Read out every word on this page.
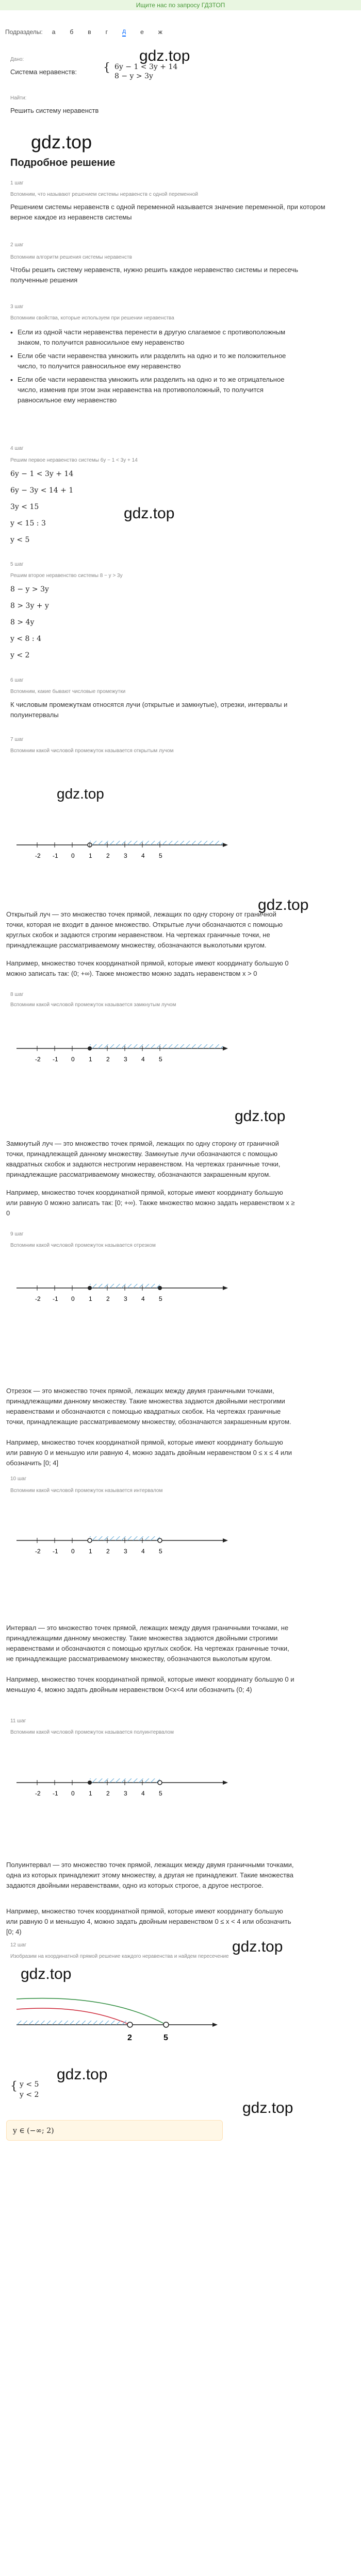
Ищите нас по запросу ГДЗТОП
Подразделы: а б в г д е ж
gdz.top
Дано:
Система неравенств: { 6y − 1 < 3y + 14
8 − y > 3y
Найти:
Решить систему неравенств
gdz.top
Подробное решение
1 шаг
Вспомним, что называют решением системы неравенств с одной переменной
Решением системы неравенств с одной переменной называется значение переменной, при котором верное каждое из неравенств системы
2 шаг
Вспомним алгоритм решения системы неравенств
Чтобы решить систему неравенств, нужно решить каждое неравенство системы и пересечь полученные решения
3 шаг
Вспомним свойства, которые используем при решении неравенства
• Если из одной части неравенства перенести в другую слагаемое с противоположным знаком, то получится равносильное ему неравенство
• Если обе части неравенства умножить или разделить на одно и то же положительное число, то получится равносильное ему неравенство
• Если обе части неравенства умножить или разделить на одно и то же отрицательное число, изменив при этом знак неравенства на противоположный, то получится равносильное ему неравенство
4 шаг
Решим первое неравенство системы 6y − 1 < 3y + 14
6y − 1 < 3y + 14
6y − 3y < 14 + 1
3y < 15
y < 15 : 3
y < 5
gdz.top
5 шаг
Решим второе неравенство системы 8 − y > 3y
8 − y > 3y
8 > 3y + y
8 > 4y
y < 8 : 4
y < 2
6 шаг
Вспомним, какие бывают числовые промежутки
К числовым промежуткам относятся лучи (открытые и замкнутые), отрезки, интервалы и полуинтервалы
7 шаг
Вспомним какой числовой промежуток называется открытым лучом
gdz.top
-2 -1 0 1 2 3 4 5
Открытый луч — это множество точек прямой, лежащих по одну сторону от граничной точки, которая не входит в данное множество. Открытые лучи обозначаются с помощью круглых скобок и задаются строгим неравенством. На чертежах граничные точки, не принадлежащие рассматриваемому множеству, обозначаются выколотыми кругом.
Например, множество точек координатной прямой, которые имеют координату большую 0 можно записать так: (0; +∞). Также множество можно задать неравенством x > 0
gdz.top
8 шаг
Вспомним какой числовой промежуток называется замкнутым лучом
-2 -1 0 1 2 3 4 5
gdz.top
Замкнутый луч — это множество точек прямой, лежащих по одну сторону от граничной точки, принадлежащей данному множеству. Замкнутые лучи обозначаются с помощью квадратных скобок и задаются нестрогим неравенством. На чертежах граничные точки, принадлежащие рассматриваемому множеству, обозначаются закрашенным кругом.
Например, множество точек координатной прямой, которые имеют координату большую или равную 0 можно записать так: [0; +∞). Также множество можно задать неравенством x ≥ 0
9 шаг
Вспомним какой числовой промежуток называется отрезком
-2 -1 0 1 2 3 4 5
Отрезок — это множество точек прямой, лежащих между двумя граничными точками, принадлежащими данному множеству. Такие множества задаются двойными нестрогими неравенствами и обозначаются с помощью квадратных скобок. На чертежах граничные точки, принадлежащие рассматриваемому множеству, обозначаются закрашенным кругом.
Например, множество точек координатной прямой, которые имеют координату большую или равную 0 и меньшую или равную 4, можно задать двойным неравенством 0 ≤ x ≤ 4 или обозначить [0; 4]
10 шаг
Вспомним какой числовой промежуток называется интервалом
-2 -1 0 1 2 3 4 5
Интервал — это множество точек прямой, лежащих между двумя граничными точками, не принадлежащими данному множеству. Такие множества задаются двойными строгими неравенствами и обозначаются с помощью круглых скобок. На чертежах граничные точки, не принадлежащие рассматриваемому множеству, обозначаются выколотым кругом.
Например, множество точек координатной прямой, которые имеют координату большую 0 и меньшую 4, можно задать двойным неравенством 0<x<4 или обозначить (0; 4)
11 шаг
Вспомним какой числовой промежуток называется полуинтервалом
-2 -1 0 1 2 3 4 5
Полуинтервал — это множество точек прямой, лежащих между двумя граничными точками, одна из которых принадлежит этому множеству, а другая не принадлежит. Такие множества задаются двойными неравенствами, одно из которых строгое, а другое нестрогое.
Например, множество точек координатной прямой, которые имеют координату большую или равную 0 и меньшую 4, можно задать двойным неравенством 0 ≤ x < 4 или обозначить [0; 4)
12 шаг
Изобразим на координатной прямой решение каждого неравенства и найдем пересечение
gdz.top
gdz.top
2	5
gdz.top
{ y < 5
y < 2
gdz.top
y ∈ (−∞; 2)
